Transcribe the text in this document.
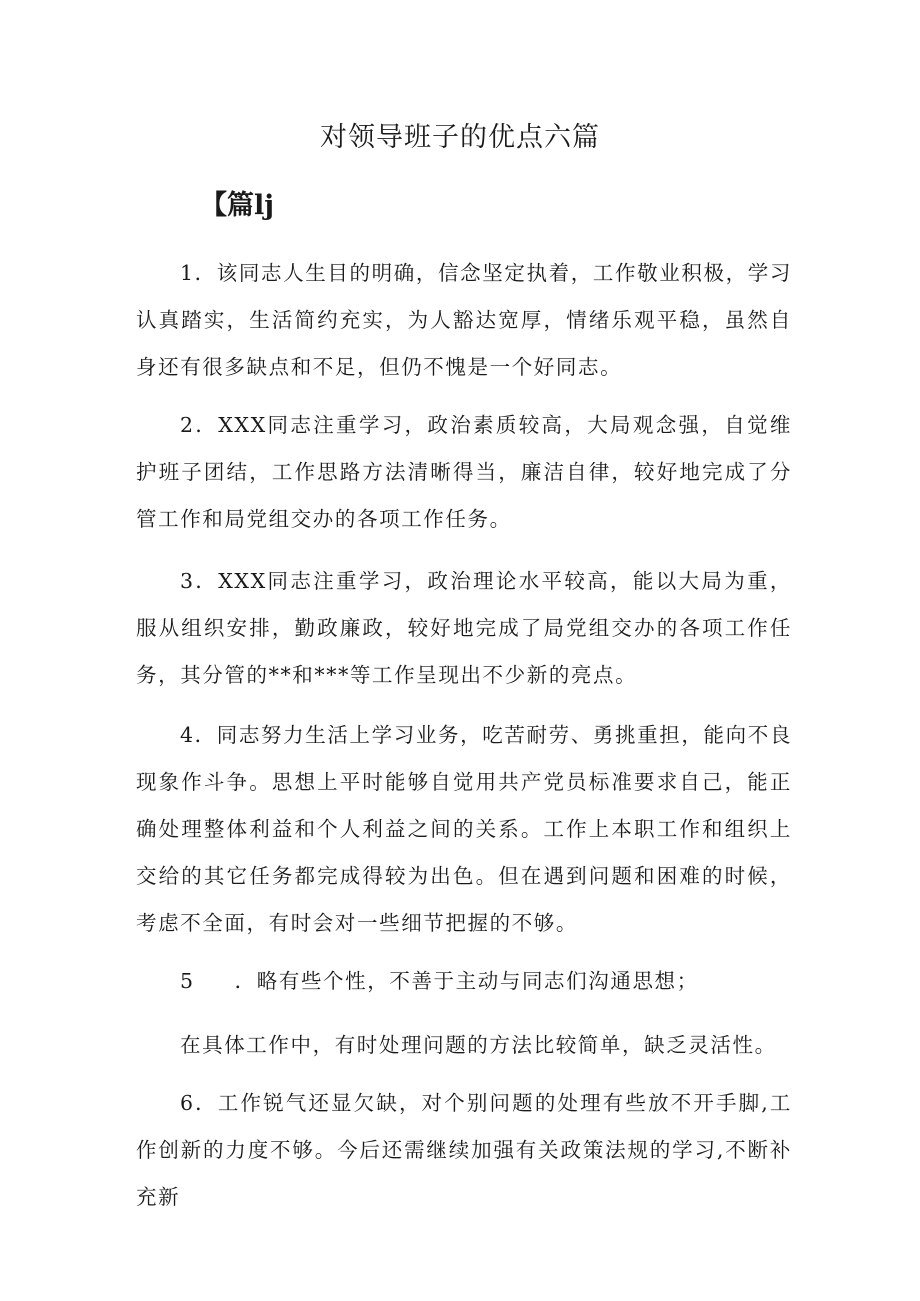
对领导班子的优点六篇
【篇lj

1．该同志人生目的明确，信念坚定执着，工作敬业积极，学习认真踏实，生活简约充实，为人豁达宽厚，情绪乐观平稳，虽然自身还有很多缺点和不足，但仍不愧是一个好同志。

2．XXX同志注重学习，政治素质较高，大局观念强，自觉维护班子团结，工作思路方法清晰得当，廉洁自律，较好地完成了分管工作和局党组交办的各项工作任务。

3．XXX同志注重学习，政治理论水平较高，能以大局为重，服从组织安排，勤政廉政，较好地完成了局党组交办的各项工作任务，其分管的**和***等工作呈现出不少新的亮点。

4．同志努力生活上学习业务，吃苦耐劳、勇挑重担，能向不良现象作斗争。思想上平时能够自觉用共产党员标准要求自己，能正确处理整体利益和个人利益之间的关系。工作上本职工作和组织上交给的其它任务都完成得较为出色。但在遇到问题和困难的时候，考虑不全面，有时会对一些细节把握的不够。

5 ．略有些个性，不善于主动与同志们沟通思想；

在具体工作中，有时处理问题的方法比较简单，缺乏灵活性。

6．工作锐气还显欠缺，对个别问题的处理有些放不开手脚,工作创新的力度不够。今后还需继续加强有关政策法规的学习,不断补充新
